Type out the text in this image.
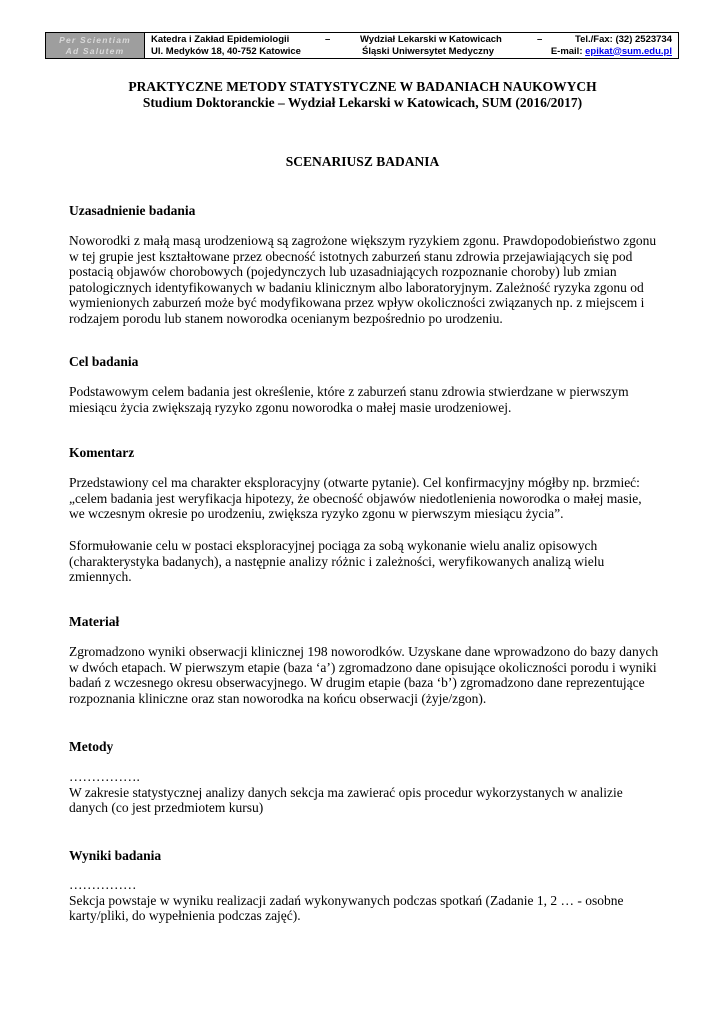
Per Scientiam
Ad Salutem
Katedra i Zakład Epidemiologii	–	Wydział Lekarski w Katowicach	–	Tel./Fax: (32) 2523734
Ul. Medyków 18, 40-752 Katowice	Śląski Uniwersytet Medyczny	E-mail: epikat@sum.edu.pl
PRAKTYCZNE METODY STATYSTYCZNE W BADANIACH NAUKOWYCH
Studium Doktoranckie – Wydział Lekarski w Katowicach, SUM (2016/2017)
SCENARIUSZ BADANIA
Uzasadnienie badania
Noworodki z małą masą urodzeniową są zagrożone większym ryzykiem zgonu. Prawdopodobieństwo zgonu
w tej grupie jest kształtowane przez obecność istotnych zaburzeń stanu zdrowia przejawiających się pod
postacią objawów chorobowych (pojedynczych lub uzasadniających rozpoznanie choroby) lub zmian
patologicznych identyfikowanych w badaniu klinicznym albo laboratoryjnym. Zależność ryzyka zgonu od
wymienionych zaburzeń może być modyfikowana przez wpływ okoliczności związanych np. z miejscem i
rodzajem porodu lub stanem noworodka ocenianym bezpośrednio po urodzeniu.
Cel badania
Podstawowym celem badania jest określenie, które z zaburzeń stanu zdrowia stwierdzane w pierwszym
miesiącu życia zwiększają ryzyko zgonu noworodka o małej masie urodzeniowej.
Komentarz
Przedstawiony cel ma charakter eksploracyjny (otwarte pytanie). Cel konfirmacyjny mógłby np. brzmieć:
„celem badania jest weryfikacja hipotezy, że obecność objawów niedotlenienia noworodka o małej masie,
we wczesnym okresie po urodzeniu, zwiększa ryzyko zgonu w pierwszym miesiącu życia”.
Sformułowanie celu w postaci eksploracyjnej pociąga za sobą wykonanie wielu analiz opisowych
(charakterystyka badanych), a następnie analizy różnic i zależności, weryfikowanych analizą wielu
zmiennych.
Materiał
Zgromadzono wyniki obserwacji klinicznej 198 noworodków. Uzyskane dane wprowadzono do bazy danych
w dwóch etapach. W pierwszym etapie (baza ‘a’) zgromadzono dane opisujące okoliczności porodu i wyniki
badań z wczesnego okresu obserwacyjnego. W drugim etapie (baza ‘b’) zgromadzono dane reprezentujące
rozpoznania kliniczne oraz stan noworodka na końcu obserwacji (żyje/zgon).
Metody
…………….
W zakresie statystycznej analizy danych sekcja ma zawierać opis procedur wykorzystanych w analizie
danych (co jest przedmiotem kursu)
Wyniki badania
……………
Sekcja powstaje w wyniku realizacji zadań wykonywanych podczas spotkań (Zadanie 1, 2 … - osobne
karty/pliki, do wypełnienia podczas zajęć).
